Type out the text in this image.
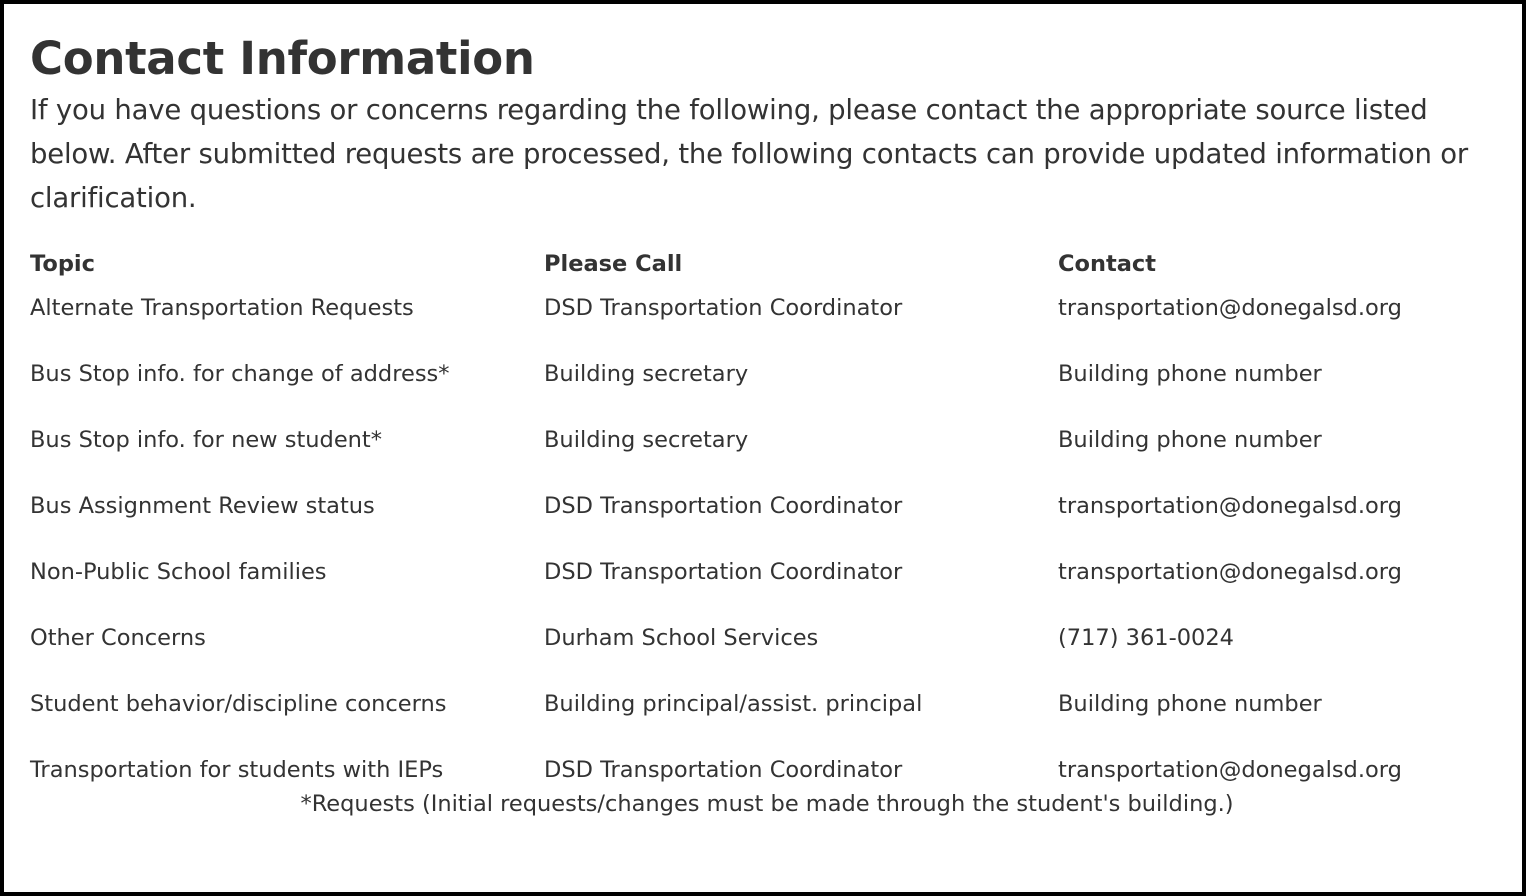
Contact Information

If you have questions or concerns regarding the following, please contact the appropriate source listed below. After submitted requests are processed, the following contacts can provide updated information or clarification.

Topic	Please Call	Contact
Alternate Transportation Requests	DSD Transportation Coordinator	transportation@donegalsd.org
Bus Stop info. for change of address*	Building secretary	Building phone number
Bus Stop info. for new student*	Building secretary	Building phone number
Bus Assignment Review status	DSD Transportation Coordinator	transportation@donegalsd.org
Non-Public School families	DSD Transportation Coordinator	transportation@donegalsd.org
Other Concerns	Durham School Services	(717) 361-0024
Student behavior/discipline concerns	Building principal/assist. principal	Building phone number
Transportation for students with IEPs	DSD Transportation Coordinator	transportation@donegalsd.org
*Requests (Initial requests/changes must be made through the student's building.)
